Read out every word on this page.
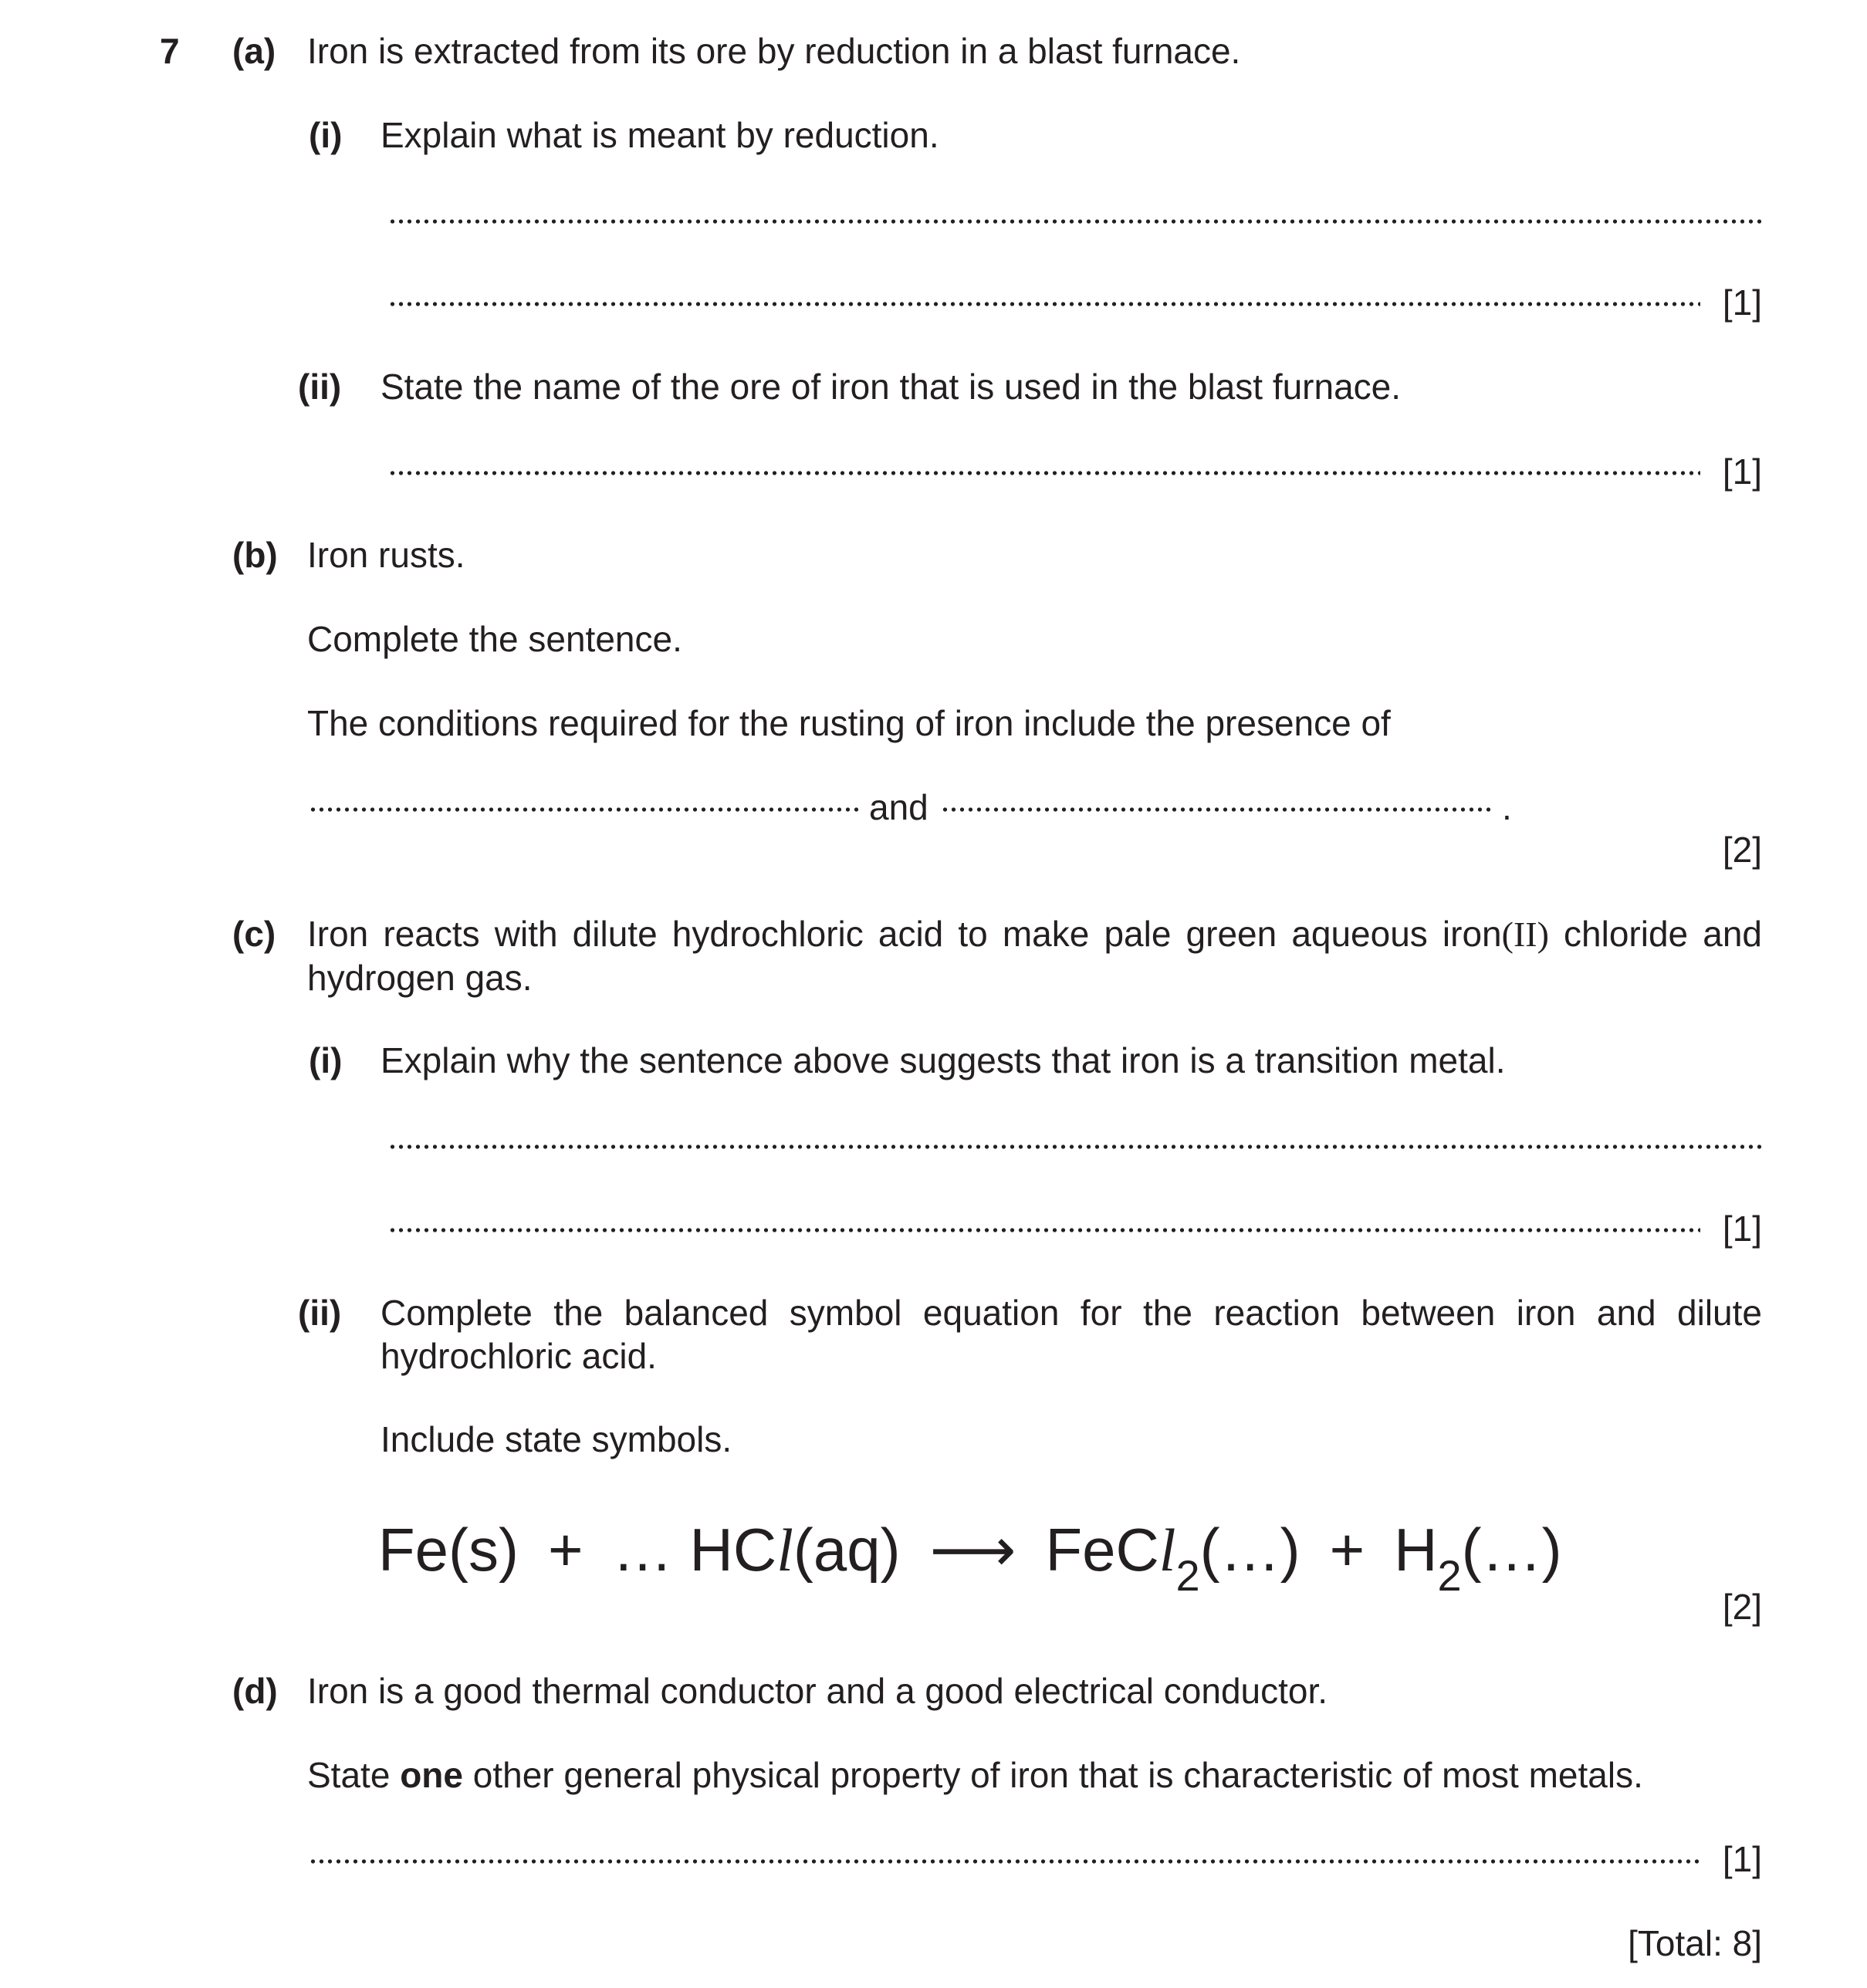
7 (a) Iron is extracted from its ore by reduction in a blast furnace.
(i) Explain what is meant by reduction.
[1]
(ii) State the name of the ore of iron that is used in the blast furnace.
[1]
(b) Iron rusts.
Complete the sentence.
The conditions required for the rusting of iron include the presence of
and	.
[2]
(c) Iron reacts with dilute hydrochloric acid to make pale green aqueous iron(II) chloride and hydrogen gas.
(i) Explain why the sentence above suggests that iron is a transition metal.
[1]
(ii) Complete the balanced symbol equation for the reaction between iron and dilute hydrochloric acid.
Include state symbols.
Fe(s) + … HCl(aq) ⟶ FeCl$_2$(…) + $H_2(\dots)$
[2]
(d) Iron is a good thermal conductor and a good electrical conductor.
State one other general physical property of iron that is characteristic of most metals.
[1]
[Total: 8]
